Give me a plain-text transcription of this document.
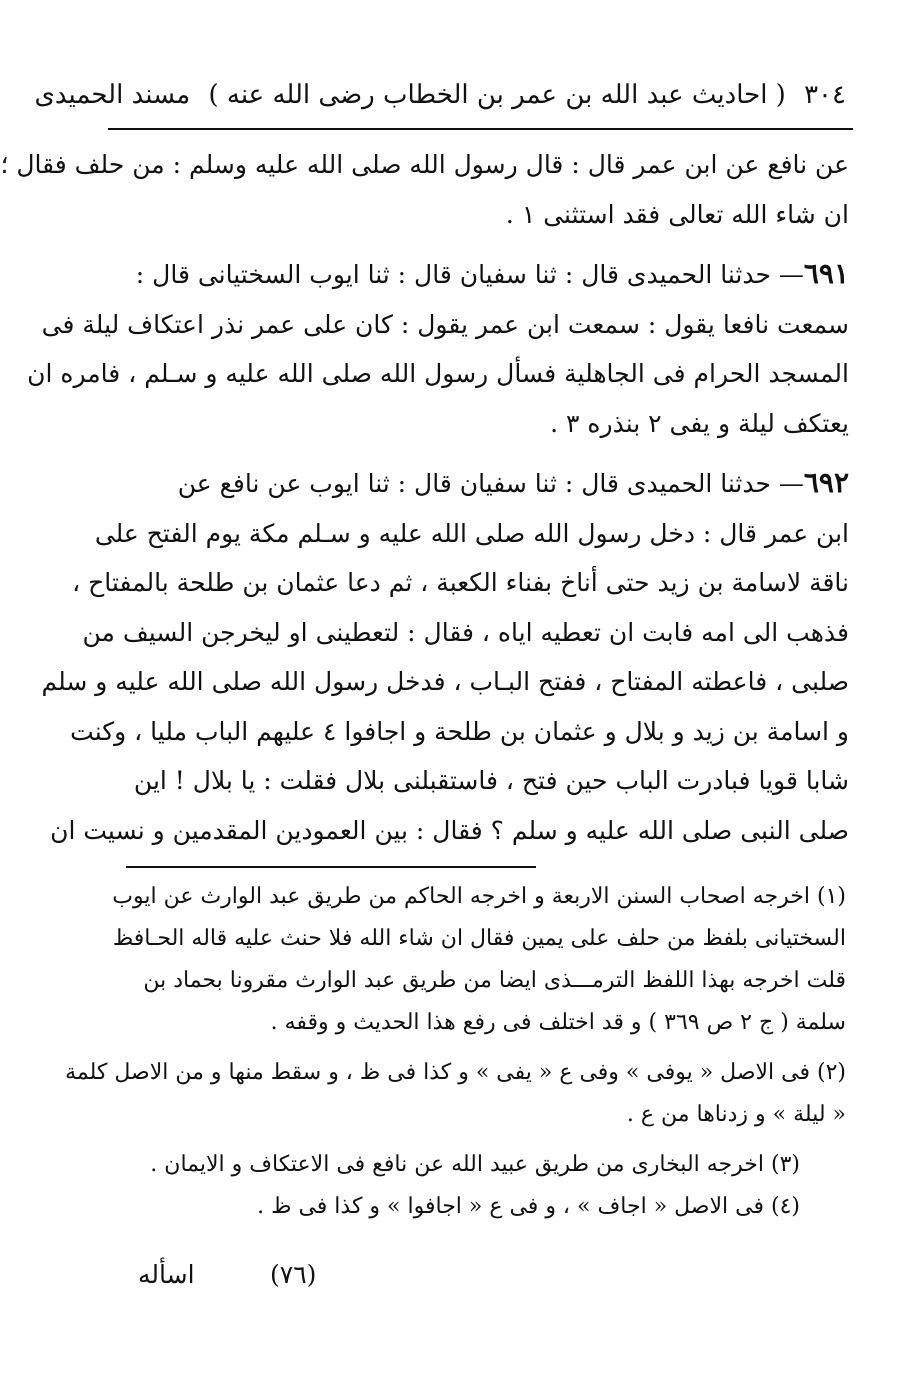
٣٠٤ ( احاديث عبد الله بن عمر بن الخطاب رضى الله عنه ) مسند الحميدى

عن نافع عن ابن عمر قال : قال رسول الله صلى الله عليه وسلم : من حلف فقال ؛
ان شاء الله تعالى فقد استثنى ١ .

٦٩١— حدثنا الحميدى قال : ثنا سفيان قال : ثنا ايوب السختيانى قال :
سمعت نافعا يقول : سمعت ابن عمر يقول : كان على عمر نذر اعتكاف ليلة فى
المسجد الحرام فى الجاهلية فسأل رسول الله صلى الله عليه و سـلم ، فامره ان
يعتكف ليلة و يفى ٢ بنذره ٣ .

٦٩٢— حدثنا الحميدى قال : ثنا سفيان قال : ثنا ايوب عن نافع عن
ابن عمر قال : دخل رسول الله صلى الله عليه و سـلم مكة يوم الفتح على
ناقة لاسامة بن زيد حتى أناخ بفناء الكعبة ، ثم دعا عثمان بن طلحة بالمفتاح ،
فذهب الى امه فابت ان تعطيه اياه ، فقال : لتعطينى او ليخرجن السيف من
صلبى ، فاعطته المفتاح ، ففتح البـاب ، فدخل رسول الله صلى الله عليه و سلم
و اسامة بن زيد و بلال و عثمان بن طلحة و اجافوا ٤ عليهم الباب مليا ، وكنت
شابا قويا فبادرت الباب حين فتح ، فاستقبلنى بلال فقلت : يا بلال ! اين
صلى النبى صلى الله عليه و سلم ؟ فقال : بين العمودين المقدمين و نسيت ان

(١) اخرجه اصحاب السنن الاربعة و اخرجه الحاكم من طريق عبد الوارث عن ايوب
السختيانى بلفظ من حلف على يمين فقال ان شاء الله فلا حنث عليه قاله الحـافظ
قلت اخرجه بهذا اللفظ الترمـــذى ايضا من طريق عبد الوارث مقرونا بحماد بن
سلمة ( ج ٢ ص ٣٦٩ ) و قد اختلف فى رفع هذا الحديث و وقفه .

(٢) فى الاصل « يوفى » وفى ع « يفى » و كذا فى ظ ، و سقط منها و من الاصل كلمة
« ليلة » و زدناها من ع .

(٣) اخرجه البخارى من طريق عبيد الله عن نافع فى الاعتكاف و الايمان .

(٤) فى الاصل « اجاف » ، و فى ع « اجافوا » و كذا فى ظ .

(٧٦)
اسأله
